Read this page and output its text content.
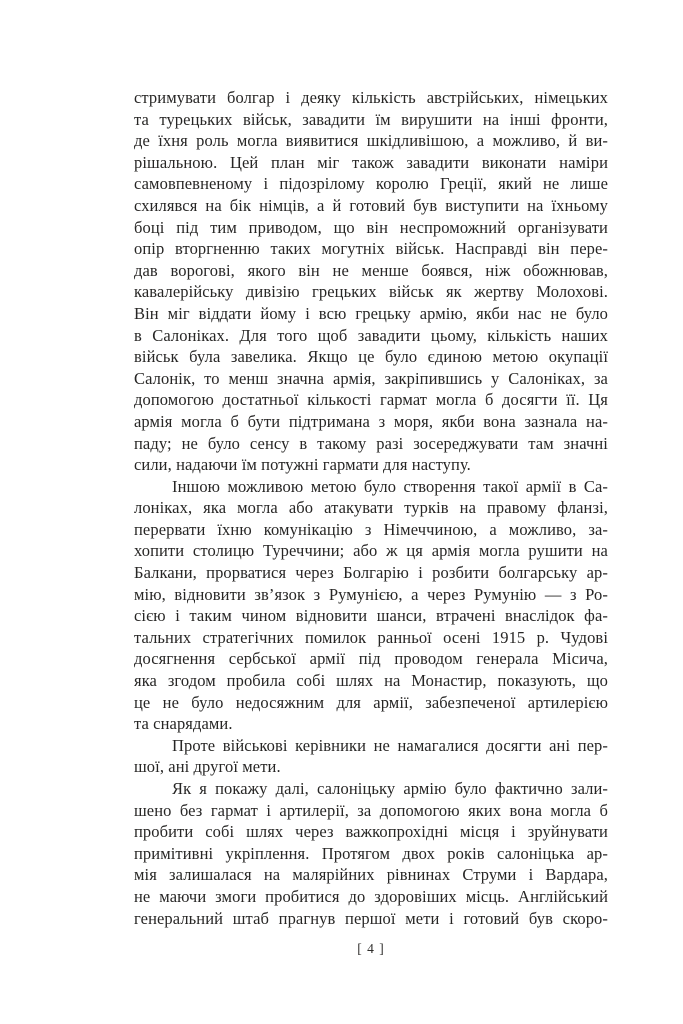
стримувати болгар і деяку кількість австрійських, німецьких
та турецьких військ, завадити їм вирушити на інші фронти,
де їхня роль могла виявитися шкідливішою, а можливо, й ви-
рішальною. Цей план міг також завадити виконати наміри
самовпевненому і підозрілому королю Греції, який не лише
схилявся на бік німців, а й готовий був виступити на їхньому
боці під тим приводом, що він неспроможний організувати
опір вторгненню таких могутніх військ. Насправді він пере-
дав ворогові, якого він не менше боявся, ніж обожнював,
кавалерійську дивізію грецьких військ як жертву Молохові.
Він міг віддати йому і всю грецьку армію, якби нас не було
в Салоніках. Для того щоб завадити цьому, кількість наших
військ була завелика. Якщо це було єдиною метою окупації
Салонік, то менш значна армія, закріпившись у Салоніках, за
допомогою достатньої кількості гармат могла б досягти її. Ця
армія могла б бути підтримана з моря, якби вона зазнала на-
паду; не було сенсу в такому разі зосереджувати там значні
сили, надаючи їм потужні гармати для наступу.
Іншою можливою метою було створення такої армії в Са-
лоніках, яка могла або атакувати турків на правому фланзі,
перервати їхню комунікацію з Німеччиною, а можливо, за-
хопити столицю Туреччини; або ж ця армія могла рушити на
Балкани, прорватися через Болгарію і розбити болгарську ар-
мію, відновити зв’язок з Румунією, а через Румунію — з Ро-
сією і таким чином відновити шанси, втрачені внаслідок фа-
тальних стратегічних помилок ранньої осені 1915 р. Чудові
досягнення сербської армії під проводом генерала Місича,
яка згодом пробила собі шлях на Монастир, показують, що
це не було недосяжним для армії, забезпеченої артилерією
та снарядами.
Проте військові керівники не намагалися досягти ані пер-
шої, ані другої мети.
Як я покажу далі, салоніцьку армію було фактично зали-
шено без гармат і артилерії, за допомогою яких вона могла б
пробити собі шлях через важкопрохідні місця і зруйнувати
примітивні укріплення. Протягом двох років салоніцька ар-
мія залишалася на малярійних рівнинах Струми і Вардара,
не маючи змоги пробитися до здоровіших місць. Англійський
генеральний штаб прагнув першої мети і готовий був скоро-
[ 4 ]
